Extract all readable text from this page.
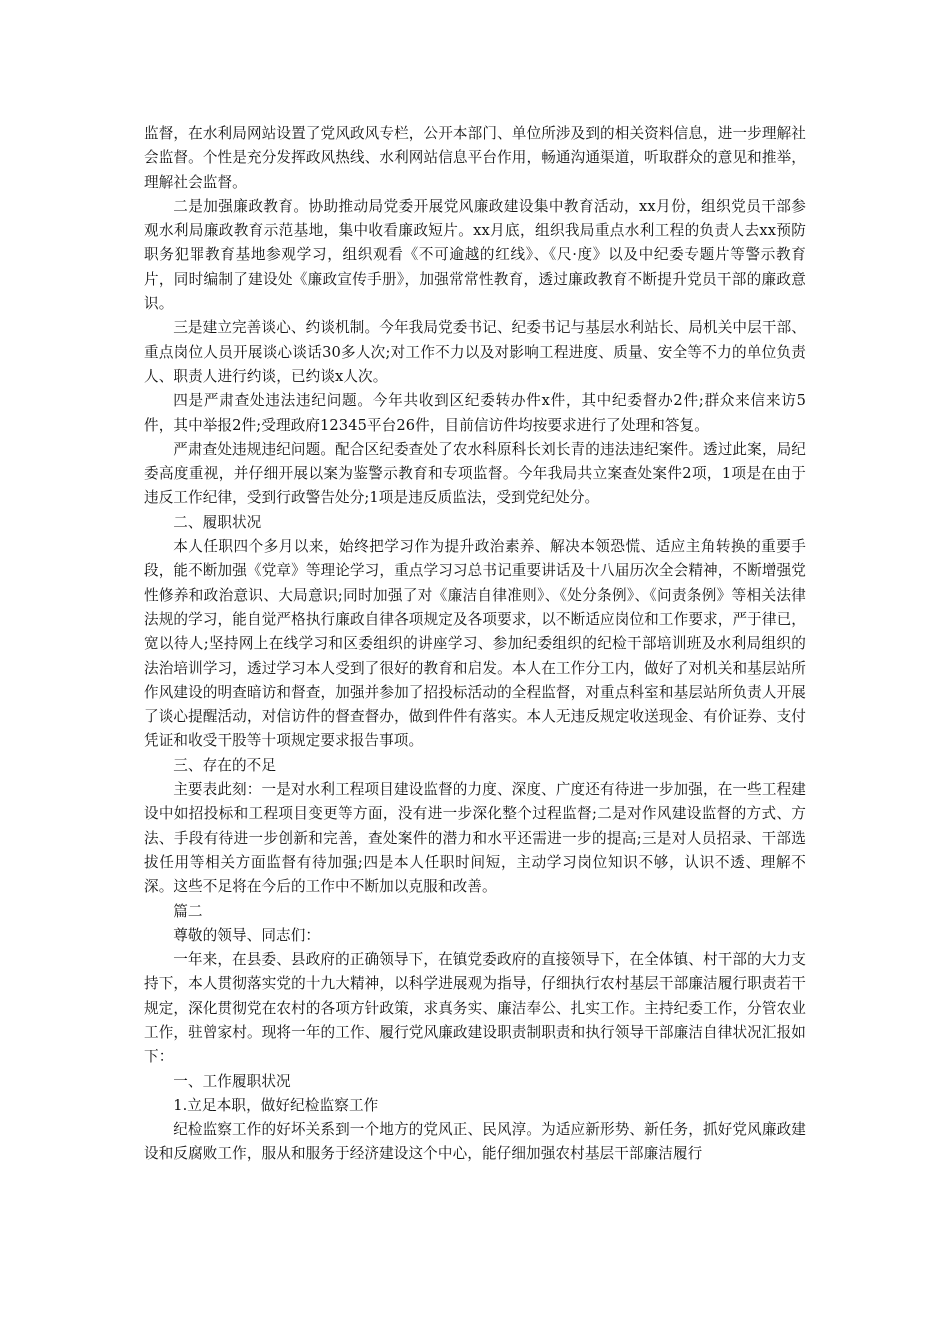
监督，在水利局网站设置了党风政风专栏，公开本部门、单位所涉及到的相关资料信息，进一步理解社会监督。个性是充分发挥政风热线、水利网站信息平台作用，畅通沟通渠道，听取群众的意见和推举，理解社会监督。

二是加强廉政教育。协助推动局党委开展党风廉政建设集中教育活动，xx月份，组织党员干部参观水利局廉政教育示范基地，集中收看廉政短片。xx月底，组织我局重点水利工程的负责人去xx预防职务犯罪教育基地参观学习，组织观看《不可逾越的红线》、《尺·度》以及中纪委专题片等警示教育片，同时编制了建设处《廉政宣传手册》，加强常常性教育，透过廉政教育不断提升党员干部的廉政意识。

三是建立完善谈心、约谈机制。今年我局党委书记、纪委书记与基层水利站长、局机关中层干部、重点岗位人员开展谈心谈话30多人次;对工作不力以及对影响工程进度、质量、安全等不力的单位负责人、职责人进行约谈，已约谈x人次。

四是严肃查处违法违纪问题。今年共收到区纪委转办件x件，其中纪委督办2件;群众来信来访5件，其中举报2件;受理政府12345平台26件，目前信访件均按要求进行了处理和答复。

严肃查处违规违纪问题。配合区纪委查处了农水科原科长刘长青的违法违纪案件。透过此案，局纪委高度重视，并仔细开展以案为鉴警示教育和专项监督。今年我局共立案查处案件2项，1项是在由于违反工作纪律，受到行政警告处分;1项是违反质监法，受到党纪处分。

二、履职状况

本人任职四个多月以来，始终把学习作为提升政治素养、解决本领恐慌、适应主角转换的重要手段，能不断加强《党章》等理论学习，重点学习习总书记重要讲话及十八届历次全会精神，不断增强党性修养和政治意识、大局意识;同时加强了对《廉洁自律准则》、《处分条例》、《问责条例》等相关法律法规的学习，能自觉严格执行廉政自律各项规定及各项要求，以不断适应岗位和工作要求，严于律已，宽以待人;坚持网上在线学习和区委组织的讲座学习、参加纪委组织的纪检干部培训班及水利局组织的法治培训学习，透过学习本人受到了很好的教育和启发。本人在工作分工内，做好了对机关和基层站所作风建设的明查暗访和督查，加强并参加了招投标活动的全程监督，对重点科室和基层站所负责人开展了谈心提醒活动，对信访件的督查督办，做到件件有落实。本人无违反规定收送现金、有价证券、支付凭证和收受干股等十项规定要求报告事项。

三、存在的不足

主要表此刻：一是对水利工程项目建设监督的力度、深度、广度还有待进一步加强，在一些工程建设中如招投标和工程项目变更等方面，没有进一步深化整个过程监督;二是对作风建设监督的方式、方法、手段有待进一步创新和完善，查处案件的潜力和水平还需进一步的提高;三是对人员招录、干部选拔任用等相关方面监督有待加强;四是本人任职时间短，主动学习岗位知识不够，认识不透、理解不深。这些不足将在今后的工作中不断加以克服和改善。

篇二

尊敬的领导、同志们：

一年来，在县委、县政府的正确领导下，在镇党委政府的直接领导下，在全体镇、村干部的大力支持下，本人贯彻落实党的十九大精神，以科学进展观为指导，仔细执行农村基层干部廉洁履行职责若干规定，深化贯彻党在农村的各项方针政策，求真务实、廉洁奉公、扎实工作。主持纪委工作，分管农业工作，驻曾家村。现将一年的工作、履行党风廉政建设职责制职责和执行领导干部廉洁自律状况汇报如下：

一、工作履职状况

1.立足本职，做好纪检监察工作

纪检监察工作的好坏关系到一个地方的党风正、民风淳。为适应新形势、新任务，抓好党风廉政建设和反腐败工作，服从和服务于经济建设这个中心，能仔细加强农村基层干部廉洁履行
